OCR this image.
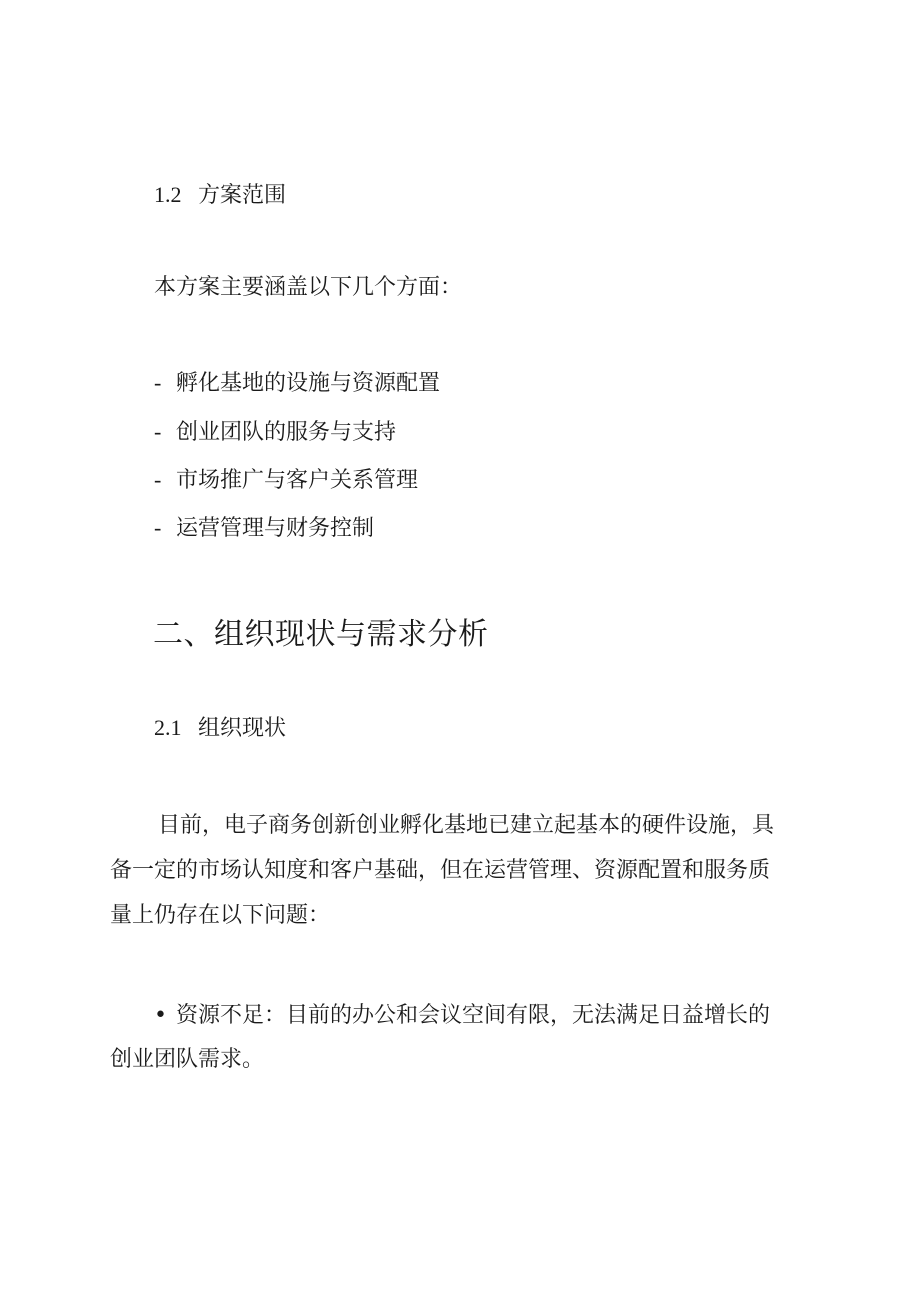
1.2 方案范围
本方案主要涵盖以下几个方面：
- 孵化基地的设施与资源配置
- 创业团队的服务与支持
- 市场推广与客户关系管理
- 运营管理与财务控制
二、组织现状与需求分析
2.1 组织现状
目前，电子商务创新创业孵化基地已建立起基本的硬件设施，具
备一定的市场认知度和客户基础，但在运营管理、资源配置和服务质
量上仍存在以下问题：
• 资源不足：目前的办公和会议空间有限，无法满足日益增长的
创业团队需求。
